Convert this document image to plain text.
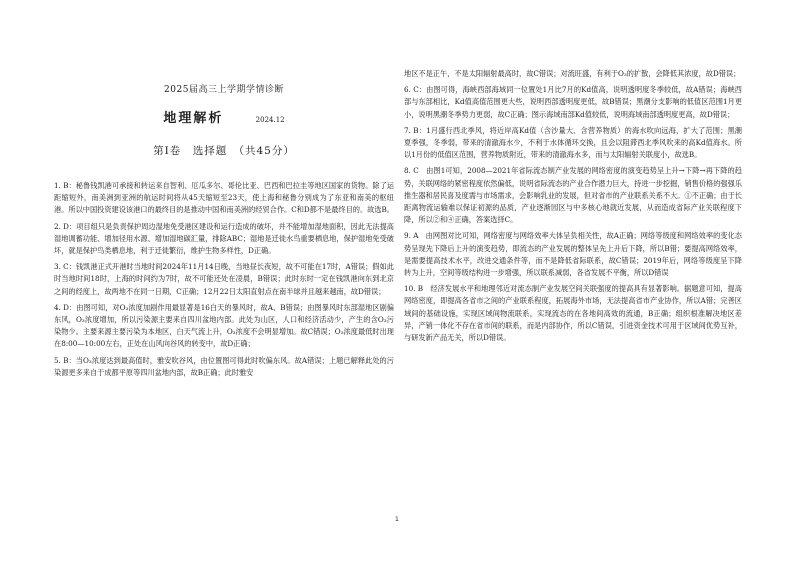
2025届高三上学期学情诊断
地理解析	2024.12
第Ⅰ卷　选择题　（共45分）

1. B：秘鲁钱凯港可承接和转运来自智利、厄瓜多尔、哥伦比亚、巴西和巴拉圭等地区国家的货物。除了运距缩短外，南美洲到亚洲的航运时间将从45天缩短至23天，使上海和秘鲁分别成为了东亚和南美的枢纽港。所以中国投资建设该港口的最终目的是推动中国和南美洲的经贸合作。C和D都不是最终目的。故选B。

2. D：项目组只是负责保护周边湿地免受港区建设和运行造成的破坏，并不能增加湿地面积，因此无法提高湿地调蓄功能、增加径用水源、增加湿地碳汇量，排除ABC；湿地是迁徙水鸟重要栖息地，保护湿地免受破坏，就是保护鸟类栖息地，利于迁徙繁衍，维护生物多样性，D正确。

3. C：钱凯港正式开港时当地时间2024年11月14日晚，当地昼长夜短，故不可能在17时，A错误；假如此时当地时间18时，上海的时间约为7时，故不可能还处在凌晨，B错误；此时东时一定在钱凯港向东到北京之间的经度上，故两地不在同一日期，C正确；12月22日太阳直射点在南半球并且越来越南，故D错误；

4. D：由图可知，对O₃浓度加剧作用最显著是16白天的暴风时，故A、B错误；由图暴风时东部湿地区剧偏东风，O₃浓度增加，所以污染源主要来自四川盆地内部。此处为山区，人口和经济活动少，产生的含O₃污染物少。主要来源主要污染为本地区，白天气流上升，O₃浓度不会明显增加。故C错误；O₃浓度最低时出现在8:00—10:00左右，正处在山风向谷风的转变中，故D正确；

5. B：当O₃浓度达到最高值时，雅安吹谷风，由位置图可得此时吹偏东风。故A错误；上题已解释此处的污染源更多来自于成都平原等四川盆地内部，故B正确；此时雅安

地区不是正午，不是太阳辐射最高时，故C错误；对流旺盛，有利于O₃的扩散，会降低其浓度，故D错误；

6. C：由图可得，海峡西部海域同一位置处1月比7月的Kd值高，说明透明度冬季较低，故A错误；海峡西部与东部相比，Kd值高值范围更大些，说明西部透明度更低，故B错误；黑潮分支影响的低值区范围1月更小，说明黑潮冬季势力更弱，故C正确；图示海域南部Kd值较低，说明海域南部透明度更高，故D错误；

7. B：1月盛行西北季风，将近岸高Kd值（含沙量大、含营养物质）的海水吹向远海，扩大了范围；黑潮夏季强，冬季弱，带来的清澈海水少，不利于水体循环交换，且会以阻滞西北季风吹来的高Kd值海水。所以1月份的低值区范围，营养物质附近，带来的清澈海水多，而与太阳辐射关联度小，故选B。

8. C　由图1可知，2008—2021年省际流态制产业发展的网络密度的演变趋势呈上升→下降→再下降的趋势，关联网络的紧密程度依然偏低，说明省际流态的产业合作潜力巨大，持进一步挖掘，销售价格的强强乐推生器和居民喜及度需与市场需求，会影响乳业的发展，但对省市的产业联系关系不大。①不正确；由于长距离物流运输难以保证初源的品质，产业逐渐园区与中多核心地就近发展，从而造成省际产业关联程度下降，所以②和④正确，答案选择C。

9. A　由网图对比可知，网络密度与网络效率大体呈负相关性，故A正确；网络等级度和网络效率的变化态势呈现先下降后上升的演变趋势，即流态的产业发展的整体呈先上升后下降，所以B错；要提高网络效率，是需要提高技术水平，改进交通条件等，而不是降低省际联系，故C错误；2019年后，网络等级度呈下降转为上升，空间等级结构进一步增强，所以联系减弱，各省发展不平衡，所以D错误

10. B　经济发展水平和地理邻近对流态制产业发展空间关联强度的提高具有显著影响。据题意可知，提高网络密度，即提高各省市之间的产业联系程度，拓展海外市场，无法提高省市产业协作，所以A错；完善区域间的基础设施，实现区域间物流联系，实现流态的在各地间高效的流通，B正确；组织根准解决地区差异，产销一体化不存在省市间的联系，而是内部协作，所以C错误，引进资金技术可用于区域间优势互补，与研发新产品无关，所以D错误。

1
